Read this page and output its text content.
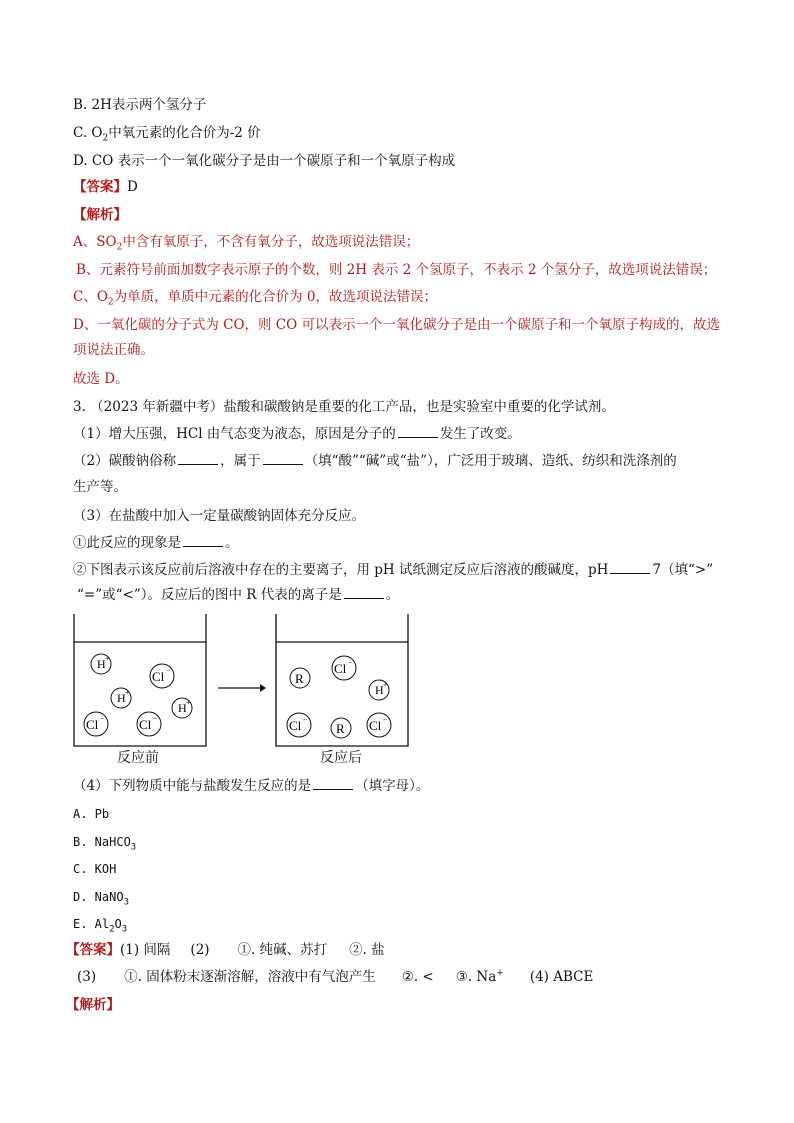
B. 2H表示两个氢分子
C. $O_2$中氧元素的化合价为-2 价
D. CO 表示一个一氧化碳分子是由一个碳原子和一个氧原子构成
【答案】D
【解析】
A、$SO_2$中含有氧原子，不含有氧分子，故选项说法错误；
B、元素符号前面加数字表示原子的个数，则 2H 表示 2 个氢原子，不表示 2 个氢分子，故选项说法错误；
C、$O_2$为单质，单质中元素的化合价为 0，故选项说法错误；
D、一氧化碳的分子式为 CO，则 CO 可以表示一个一氧化碳分子是由一个碳原子和一个氧原子构成的，故选
项说法正确。
故选 D。
3. （2023 年新疆中考）盐酸和碳酸钠是重要的化工产品，也是实验室中重要的化学试剂。
（1）增大压强，HCl 由气态变为液态，原因是分子的	发生了改变。
（2）碳酸钠俗称	，属于	（填“酸”“碱”或“盐”），广泛用于玻璃、造纸、纺织和洗涤剂的
生产等。
（3）在盐酸中加入一定量碳酸钠固体充分反应。
①此反应的现象是	。
②下图表示该反应前后溶液中存在的主要离子，用 pH 试纸测定反应后溶液的酸碱度，pH	7（填“>”
“=”或“<”）。反应后的图中 R 代表的离子是	。
H +
Cl −
H +
H +
Cl −	Cl −
R
Cl −
H +
Cl −
R Cl −
反应前	反应后
（4）下列物质中能与盐酸发生反应的是	（填字母）。
A. Pb
B. NaHCO$_3$
C. KOH
D. NaNO$_3$
E. $Al_2O_3$
【答案】(1) 间隔 (2) ①. 纯碱、苏打 ②. 盐
(3) ①. 固体粉末逐渐溶解，溶液中有气泡产生 ②. < ③. Na+ (4) ABCE
【解析】
